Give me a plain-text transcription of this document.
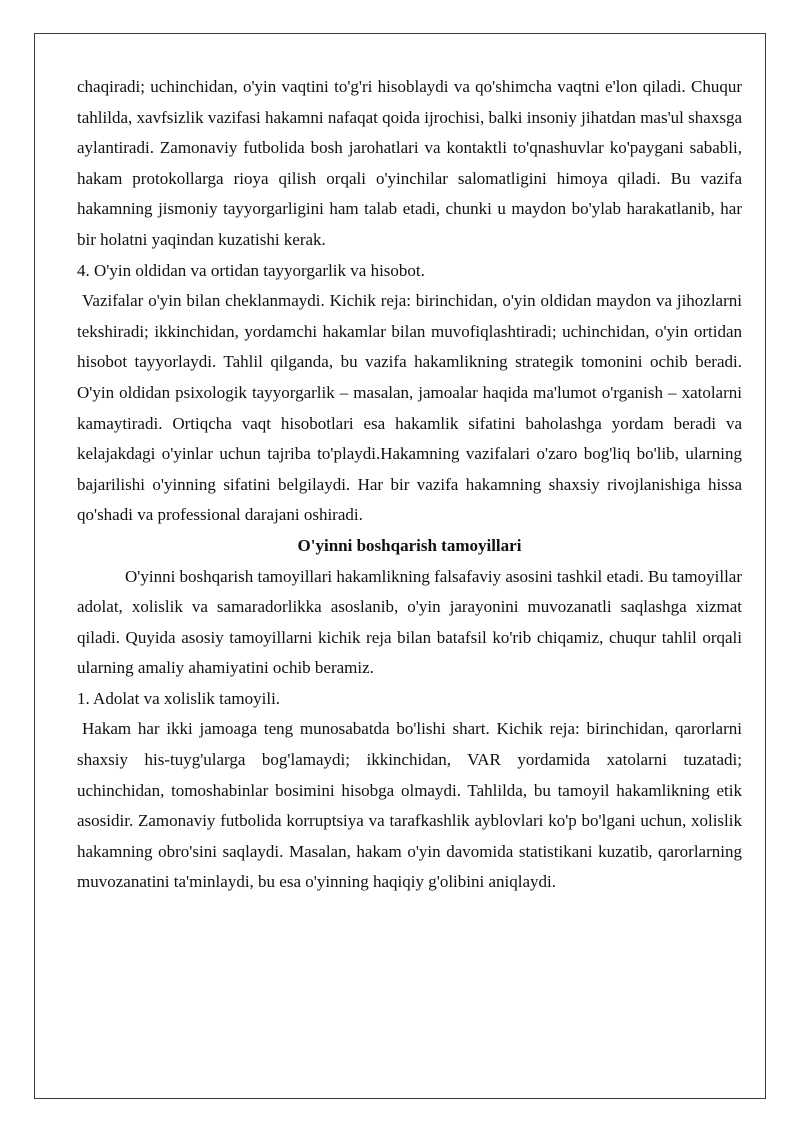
chaqiradi; uchinchidan, o'yin vaqtini to'g'ri hisoblaydi va qo'shimcha vaqtni e'lon qiladi. Chuqur tahlilda, xavfsizlik vazifasi hakamni nafaqat qoida ijrochisi, balki insoniy jihatdan mas'ul shaxsga aylantiradi. Zamonaviy futbolida bosh jarohatlari va kontaktli to'qnashuvlar ko'paygani sababli, hakam protokollarga rioya qilish orqali o'yinchilar salomatligini himoya qiladi. Bu vazifa hakamning jismoniy tayyorgarligini ham talab etadi, chunki u maydon bo'ylab harakatlanib, har bir holatni yaqindan kuzatishi kerak.

4. O'yin oldidan va ortidan tayyorgarlik va hisobot.

Vazifalar o'yin bilan cheklanmaydi. Kichik reja: birinchidan, o'yin oldidan maydon va jihozlarni tekshiradi; ikkinchidan, yordamchi hakamlar bilan muvofiqlashtiradi; uchinchidan, o'yin ortidan hisobot tayyorlaydi. Tahlil qilganda, bu vazifa hakamlikning strategik tomonini ochib beradi. O'yin oldidan psixologik tayyorgarlik – masalan, jamoalar haqida ma'lumot o'rganish – xatolarni kamaytiradi. Ortiqcha vaqt hisobotlari esa hakamlik sifatini baholashga yordam beradi va kelajakdagi o'yinlar uchun tajriba to'playdi.Hakamning vazifalari o'zaro bog'liq bo'lib, ularning bajarilishi o'yinning sifatini belgilaydi. Har bir vazifa hakamning shaxsiy rivojlanishiga hissa qo'shadi va professional darajani oshiradi.

O'yinni boshqarish tamoyillari

O'yinni boshqarish tamoyillari hakamlikning falsafaviy asosini tashkil etadi. Bu tamoyillar adolat, xolislik va samaradorlikka asoslanib, o'yin jarayonini muvozanatli saqlashga xizmat qiladi. Quyida asosiy tamoyillarni kichik reja bilan batafsil ko'rib chiqamiz, chuqur tahlil orqali ularning amaliy ahamiyatini ochib beramiz.

1. Adolat va xolislik tamoyili.

Hakam har ikki jamoaga teng munosabatda bo'lishi shart. Kichik reja: birinchidan, qarorlarni shaxsiy his-tuyg'ularga bog'lamaydi; ikkinchidan, VAR yordamida xatolarni tuzatadi; uchinchidan, tomoshabinlar bosimini hisobga olmaydi. Tahlilda, bu tamoyil hakamlikning etik asosidir. Zamonaviy futbolida korruptsiya va tarafkashlik ayblovlari ko'p bo'lgani uchun, xolislik hakamning obro'sini saqlaydi. Masalan, hakam o'yin davomida statistikani kuzatib, qarorlarning muvozanatini ta'minlaydi, bu esa o'yinning haqiqiy g'olibini aniqlaydi.
